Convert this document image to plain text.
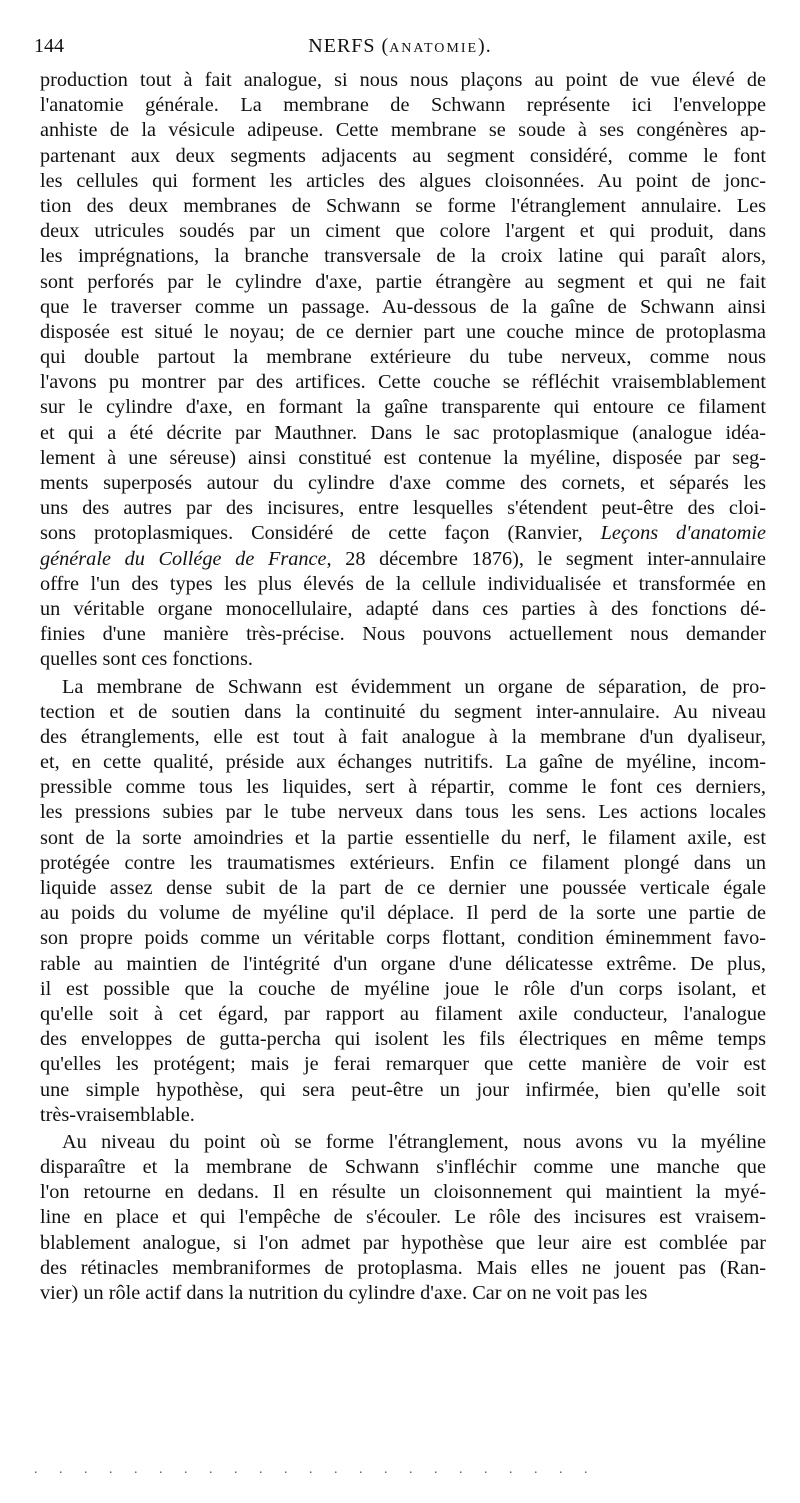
144	NERFS (ANATOMIE).
production tout à fait analogue, si nous nous plaçons au point de vue élevé de
l'anatomie générale. La membrane de Schwann représente ici l'enveloppe
anhiste de la vésicule adipeuse. Cette membrane se soude à ses congénères ap-
partenant aux deux segments adjacents au segment considéré, comme le font
les cellules qui forment les articles des algues cloisonnées. Au point de jonc-
tion des deux membranes de Schwann se forme l'étranglement annulaire. Les
deux utricules soudés par un ciment que colore l'argent et qui produit, dans
les imprégnations, la branche transversale de la croix latine qui paraît alors,
sont perforés par le cylindre d'axe, partie étrangère au segment et qui ne fait
que le traverser comme un passage. Au-dessous de la gaîne de Schwann ainsi
disposée est situé le noyau; de ce dernier part une couche mince de protoplasma
qui double partout la membrane extérieure du tube nerveux, comme nous
l'avons pu montrer par des artifices. Cette couche se réfléchit vraisemblablement
sur le cylindre d'axe, en formant la gaîne transparente qui entoure ce filament
et qui a été décrite par Mauthner. Dans le sac protoplasmique (analogue idéa-
lement à une séreuse) ainsi constitué est contenue la myéline, disposée par seg-
ments superposés autour du cylindre d'axe comme des cornets, et séparés les
uns des autres par des incisures, entre lesquelles s'étendent peut-être des cloi-
sons protoplasmiques. Considéré de cette façon (Ranvier, Leçons d'anatomie
générale du Collége de France, 28 décembre 1876), le segment inter-annulaire
offre l'un des types les plus élevés de la cellule individualisée et transformée en
un véritable organe monocellulaire, adapté dans ces parties à des fonctions dé-
finies d'une manière très-précise. Nous pouvons actuellement nous demander
quelles sont ces fonctions.
La membrane de Schwann est évidemment un organe de séparation, de pro-
tection et de soutien dans la continuité du segment inter-annulaire. Au niveau
des étranglements, elle est tout à fait analogue à la membrane d'un dyaliseur,
et, en cette qualité, préside aux échanges nutritifs. La gaîne de myéline, incom-
pressible comme tous les liquides, sert à répartir, comme le font ces derniers,
les pressions subies par le tube nerveux dans tous les sens. Les actions locales
sont de la sorte amoindries et la partie essentielle du nerf, le filament axile, est
protégée contre les traumatismes extérieurs. Enfin ce filament plongé dans un
liquide assez dense subit de la part de ce dernier une poussée verticale égale
au poids du volume de myéline qu'il déplace. Il perd de la sorte une partie de
son propre poids comme un véritable corps flottant, condition éminemment favo-
rable au maintien de l'intégrité d'un organe d'une délicatesse extrême. De plus,
il est possible que la couche de myéline joue le rôle d'un corps isolant, et
qu'elle soit à cet égard, par rapport au filament axile conducteur, l'analogue
des enveloppes de gutta-percha qui isolent les fils électriques en même temps
qu'elles les protégent; mais je ferai remarquer que cette manière de voir est
une simple hypothèse, qui sera peut-être un jour infirmée, bien qu'elle soit
très-vraisemblable.
Au niveau du point où se forme l'étranglement, nous avons vu la myéline
disparaître et la membrane de Schwann s'infléchir comme une manche que
l'on retourne en dedans. Il en résulte un cloisonnement qui maintient la myé-
line en place et qui l'empêche de s'écouler. Le rôle des incisures est vraisem-
blablement analogue, si l'on admet par hypothèse que leur aire est comblée par
des rétinacles membraniformes de protoplasma. Mais elles ne jouent pas (Ran-
vier) un rôle actif dans la nutrition du cylindre d'axe. Car on ne voit pas les
. . . . . . . . . . . . . . . . . . . . . . .
